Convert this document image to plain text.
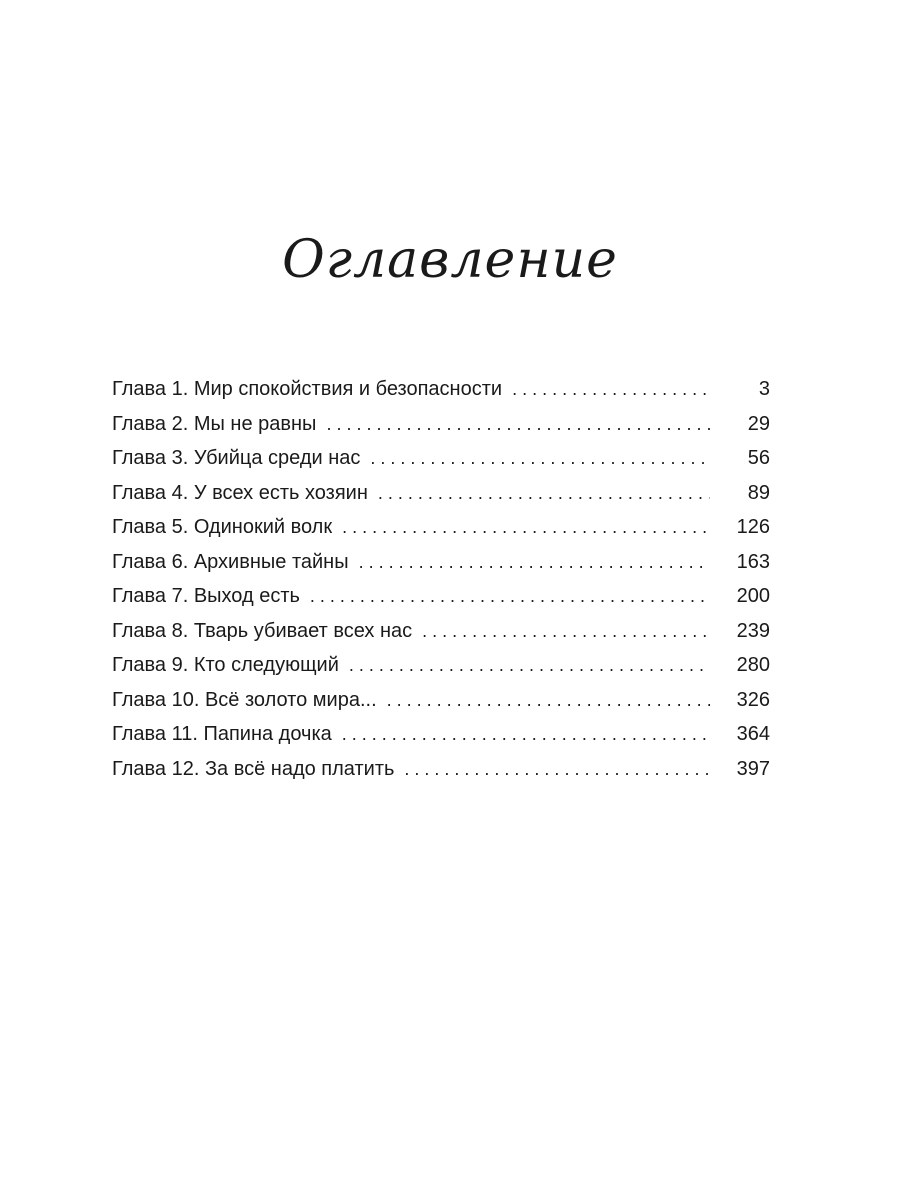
Оглавление
Глава 1. Мир спокойствия и безопасности . . .	3
Глава 2. Мы не равны . . .	29
Глава 3. Убийца среди нас . . .	56
Глава 4. У всех есть хозяин . . .	89
Глава 5. Одинокий волк . . .	126
Глава 6. Архивные тайны . . .	163
Глава 7. Выход есть . . .	200
Глава 8. Тварь убивает всех нас . . .	239
Глава 9. Кто следующий . . .	280
Глава 10. Всё золото мира... . . .	326
Глава 11. Папина дочка . . .	364
Глава 12. За всё надо платить . . .	397
